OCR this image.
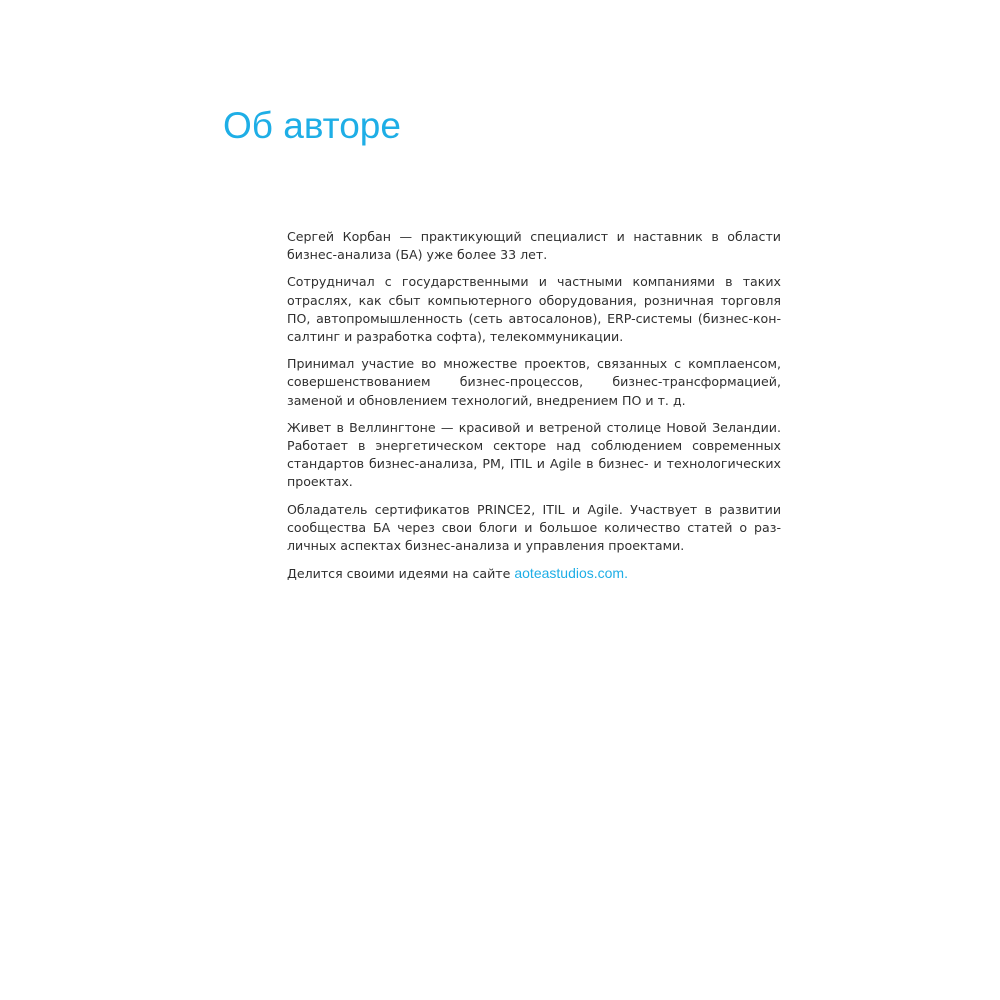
Об авторе

Сергей Корбан — практикующий специалист и наставник в области бизнес-анализа (БА) уже более 33 лет.

Сотрудничал с государственными и частными компаниями в таких отраслях, как сбыт компьютерного оборудования, розничная торговля ПО, автопромышленность (сеть автосалонов), ERP-системы (бизнес-консалтинг и разработка софта), телекоммуникации.

Принимал участие во множестве проектов, связанных с комплаенсом, совершенствованием бизнес-процессов, бизнес-трансформацией, заменой и обновлением технологий, внедрением ПО и т. д.

Живет в Веллингтоне — красивой и ветреной столице Новой Зеландии. Работает в энергетическом секторе над соблюдением современных стандартов бизнес-анализа, PM, ITIL и Agile в бизнес- и технологических проектах.

Обладатель сертификатов PRINCE2, ITIL и Agile. Участвует в развитии сообщества БА через свои блоги и большое количество статей о различных аспектах бизнес-анализа и управления проектами.

Делится своими идеями на сайте aoteastudios.com.
